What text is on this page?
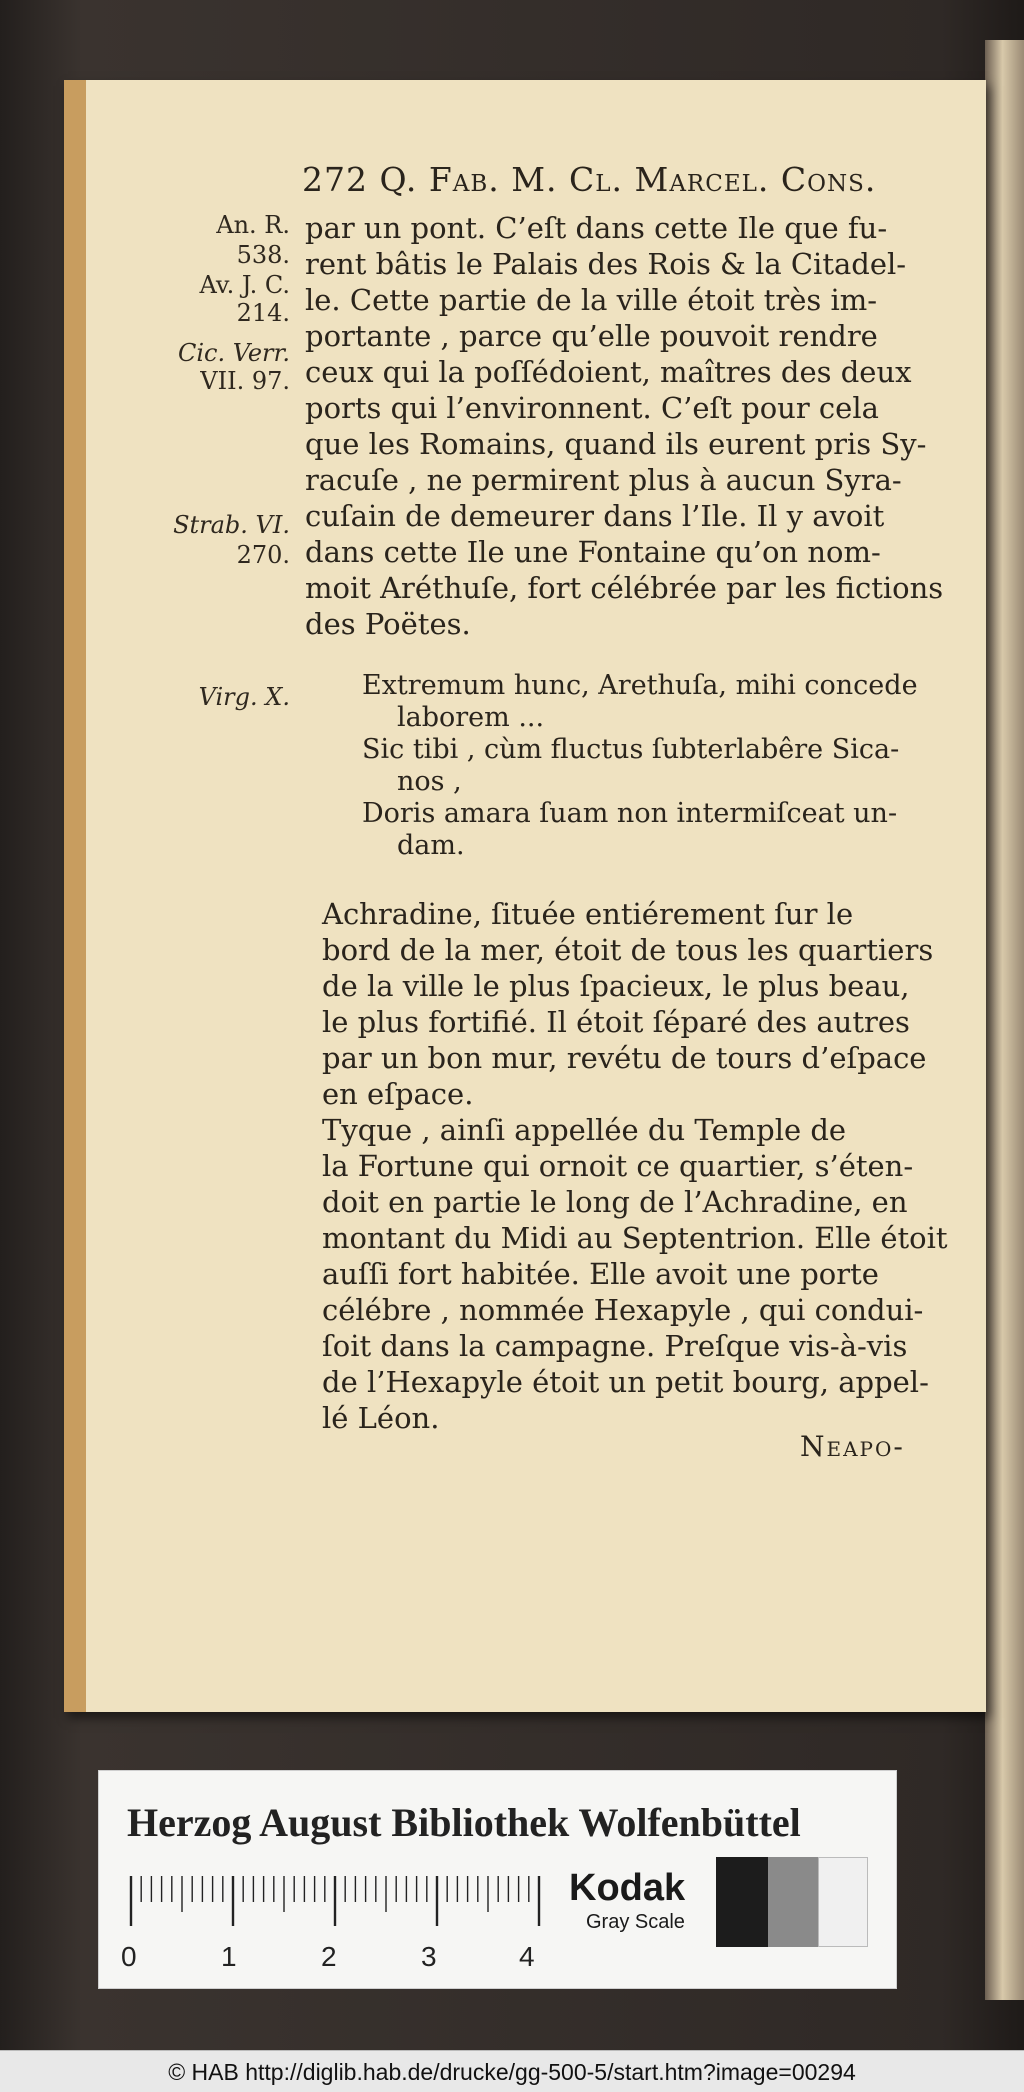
272 Q. Fab. M. Cl. Marcel. Cons.
An. R.
538.
Av. J. C.
214.
Cic. Verr.
VII. 97.
Strab. VI.
270.
Virg. X.
par un pont. C’eſt dans cette Ile que fu-
rent bâtis le Palais des Rois & la Citadel-
le. Cette partie de la ville étoit très im-
portante , parce qu’elle pouvoit rendre
ceux qui la poſſédoient, maîtres des deux
ports qui l’environnent. C’eſt pour cela
que les Romains, quand ils eurent pris Sy-
racuſe , ne permirent plus à aucun Syra-
cuſain de demeurer dans l’Ile. Il y avoit
dans cette Ile une Fontaine qu’on nom-
moit Aréthuſe, fort célébrée par les fictions
des Poëtes.
Extremum hunc, Arethuſa, mihi concede
laborem ...
Sic tibi , cùm fluctus ſubterlabêre Sica-
nos ,
Doris amara ſuam non intermiſceat un-
dam.
Achradine, ſituée entiérement ſur le
bord de la mer, étoit de tous les quartiers
de la ville le plus ſpacieux, le plus beau,
le plus fortifié. Il étoit ſéparé des autres
par un bon mur, revétu de tours d’eſpace
en eſpace.
Tyque , ainſi appellée du Temple de
la Fortune qui ornoit ce quartier, s’éten-
doit en partie le long de l’Achradine, en
montant du Midi au Septentrion. Elle étoit
auſſi fort habitée. Elle avoit une porte
célébre , nommée Hexapyle , qui condui-
ſoit dans la campagne. Preſque vis-à-vis
de l’Hexapyle étoit un petit bourg, appel-
lé Léon.
Neapo-
Herzog August Bibliothek Wolfenbüttel
0	1	2	3	4
Kodak
Gray Scale
© HAB http://diglib.hab.de/drucke/gg-500-5/start.htm?image=00294
